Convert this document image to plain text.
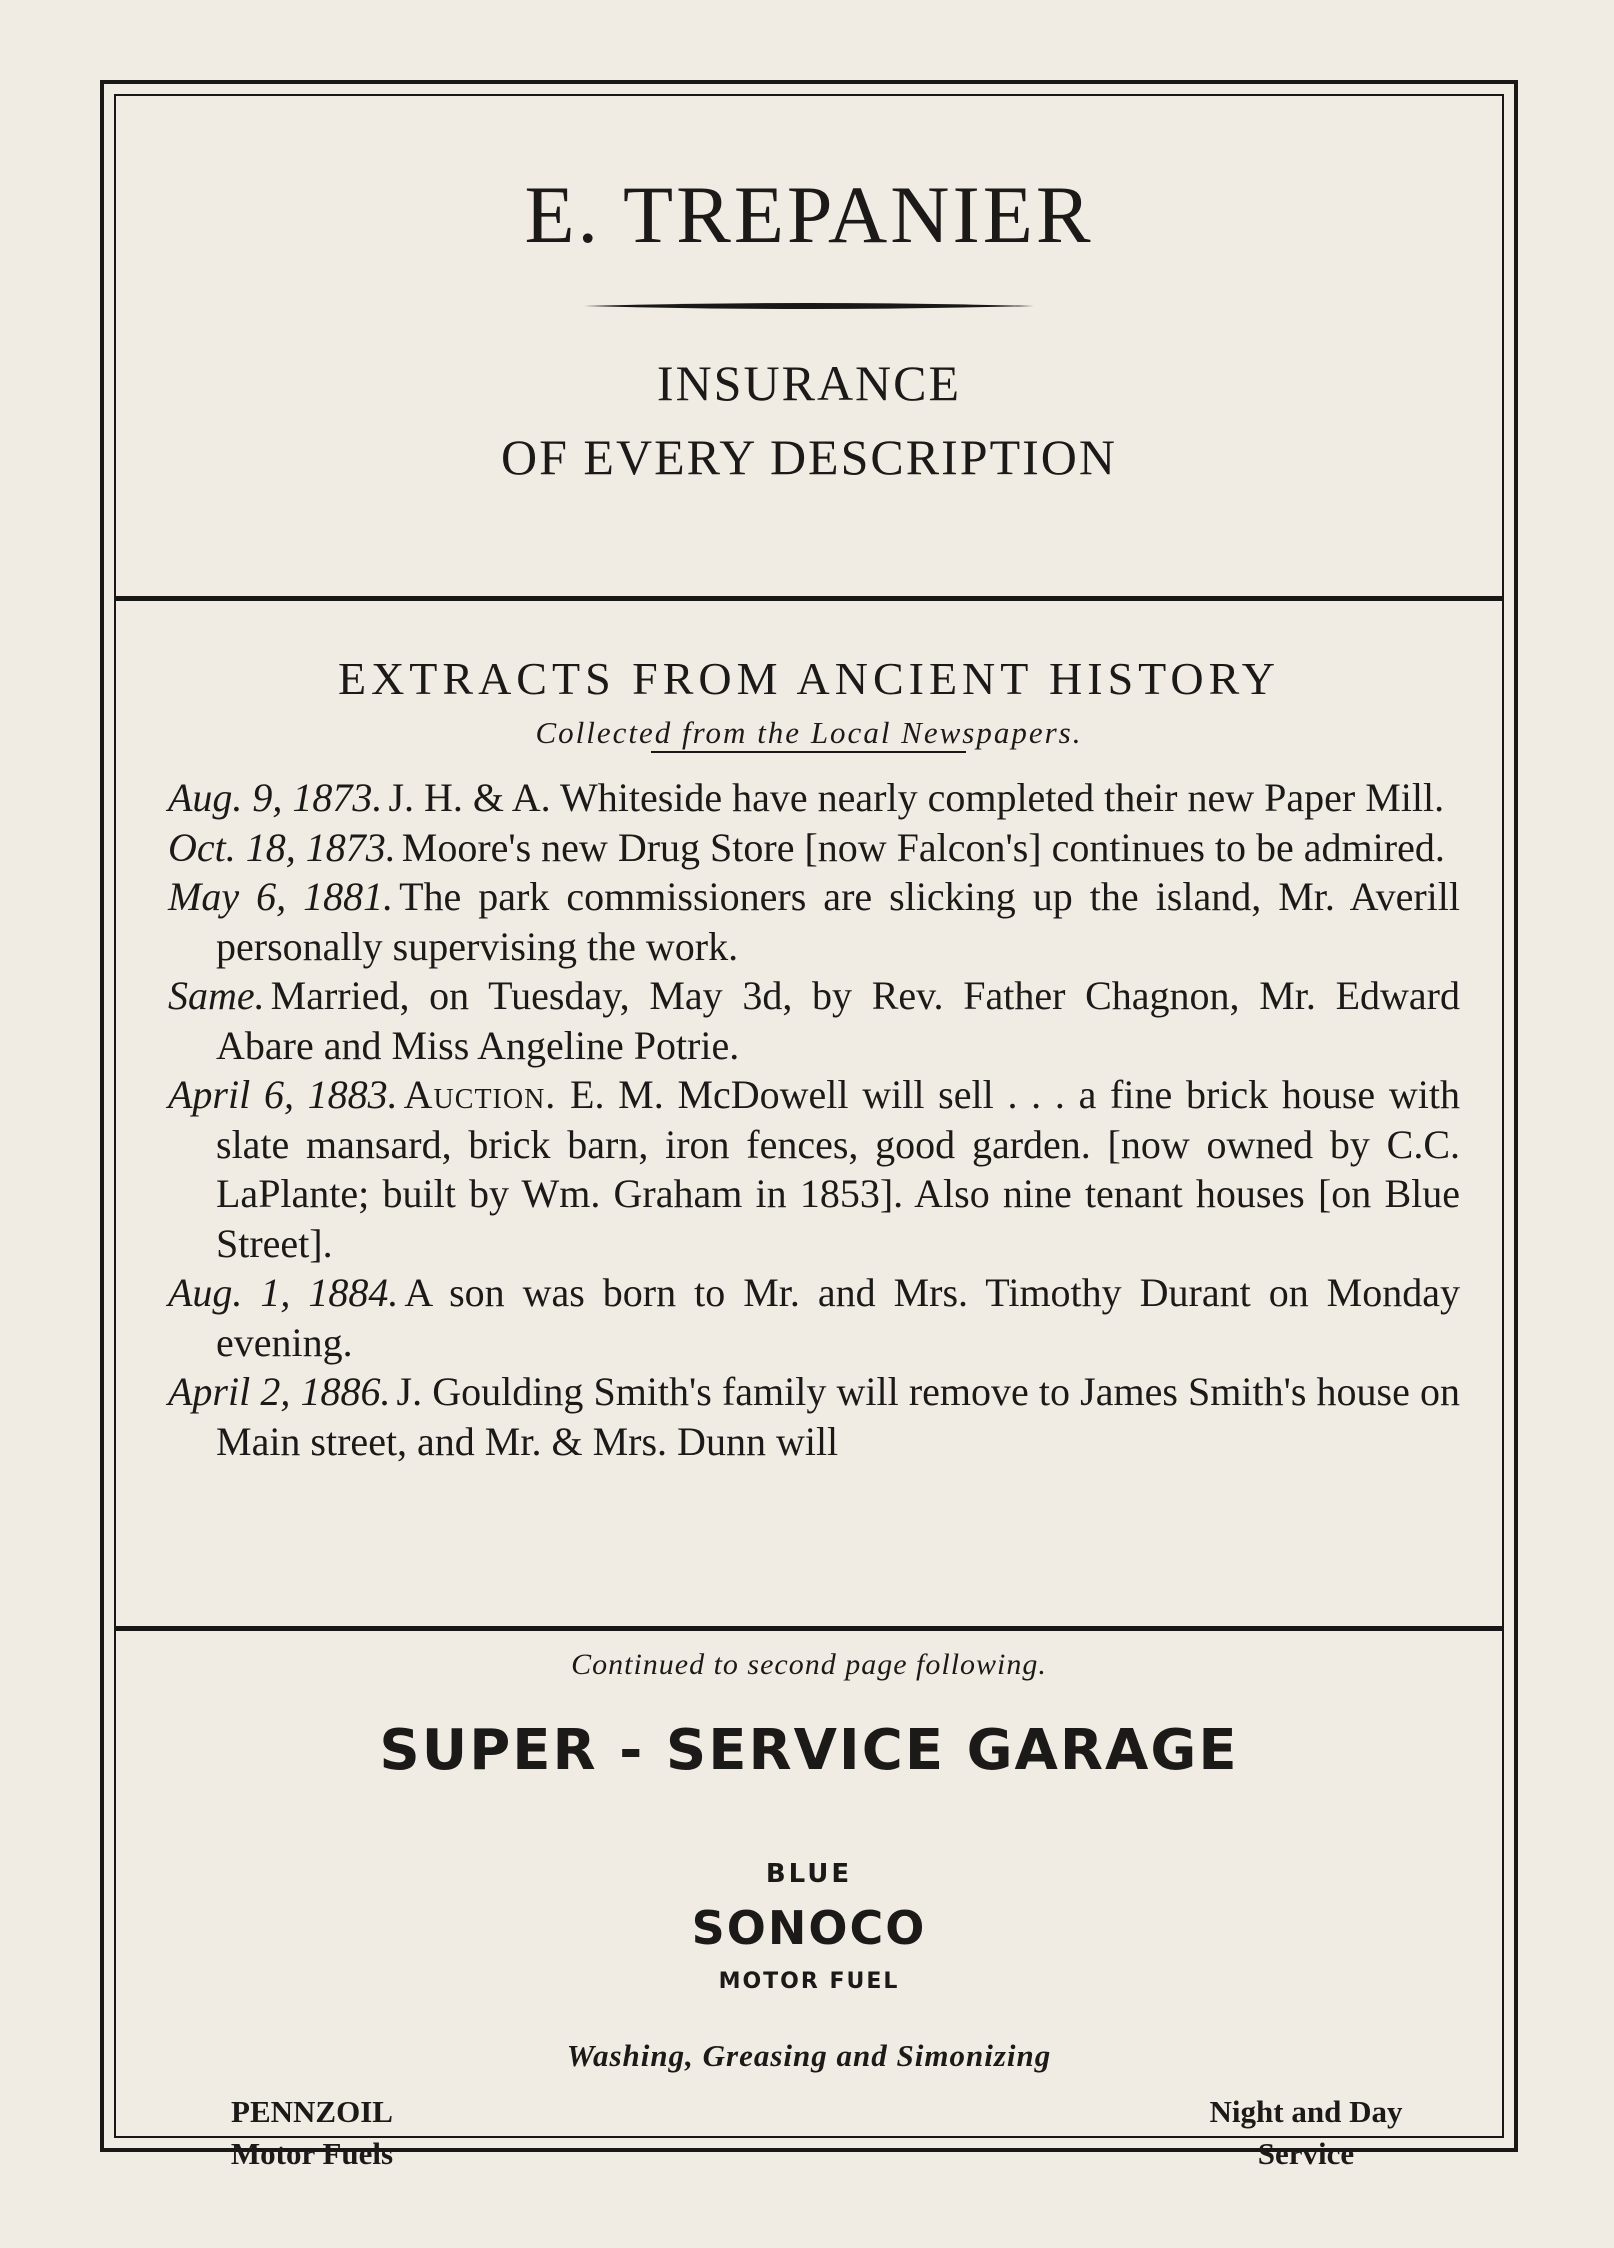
E. TREPANIER
INSURANCE
OF EVERY DESCRIPTION
EXTRACTS FROM ANCIENT HISTORY
Collected from the Local Newspapers.
Aug. 9, 1873. J. H. & A. Whiteside have nearly completed their new Paper Mill.
Oct. 18, 1873. Moore's new Drug Store [now Falcon's] continues to be admired.
May 6, 1881. The park commissioners are slicking up the island, Mr. Averill personally supervising the work.
Same. Married, on Tuesday, May 3d, by Rev. Father Chagnon, Mr. Edward Abare and Miss Angeline Potrie.
April 6, 1883. Auction. E. M. McDowell will sell . . . a fine brick house with slate mansard, brick barn, iron fences, good garden. [now owned by C.C. LaPlante; built by Wm. Graham in 1853]. Also nine tenant houses [on Blue Street].
Aug. 1, 1884. A son was born to Mr. and Mrs. Timothy Durant on Monday evening.
April 2, 1886. J. Goulding Smith's family will remove to James Smith's house on Main street, and Mr. & Mrs. Dunn will
Continued to second page following.
SUPER - SERVICE GARAGE
BLUE
SONOCO
MOTOR FUEL
Washing, Greasing and Simonizing
PENNZOIL
Motor Fuels
Night and Day
Service
